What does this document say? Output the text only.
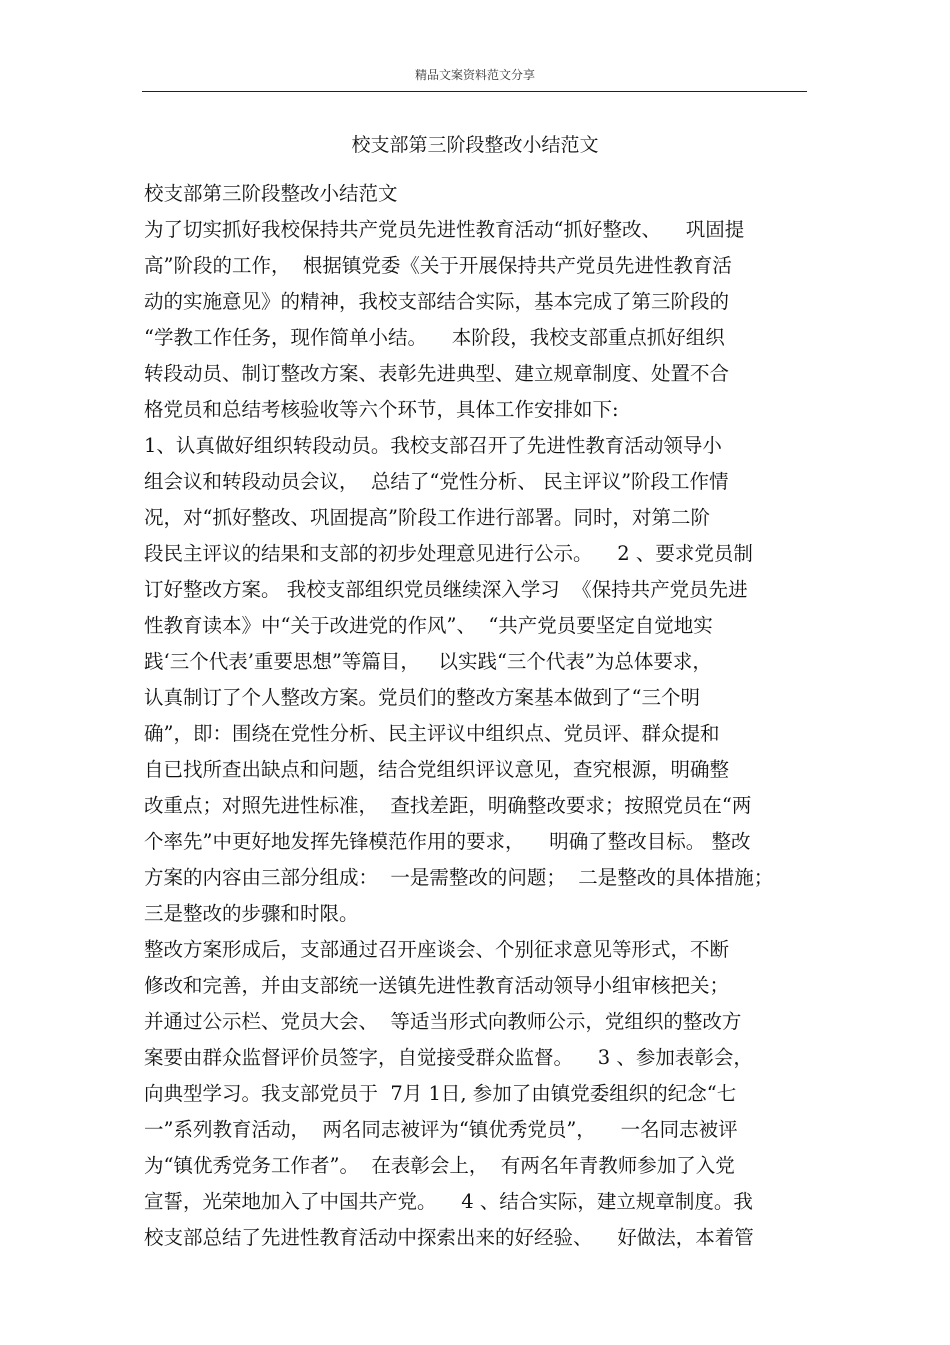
精品文案资料范文分享
校支部第三阶段整改小结范文
校支部第三阶段整改小结范文
为了切实抓好我校保持共产党员先进性教育活动“抓好整改、    巩固提
高”阶段的工作，  根据镇党委《关于开展保持共产党员先进性教育活
动的实施意见》的精神，我校支部结合实际，基本完成了第三阶段的
“学教工作任务，现作简单小结。    本阶段，我校支部重点抓好组织
转段动员、制订整改方案、表彰先进典型、建立规章制度、处置不合
格党员和总结考核验收等六个环节，具体工作安排如下:
1、认真做好组织转段动员。我校支部召开了先进性教育活动领导小
组会议和转段动员会议，  总结了“党性分析、 民主评议”阶段工作情
况，对“抓好整改、巩固提高”阶段工作进行部署。同时，对第二阶
段民主评议的结果和支部的初步处理意见进行公示。    2 、要求党员制
订好整改方案。 我校支部组织党员继续深入学习  《保持共产党员先进
性教育读本》中“关于改进党的作风”、  “共产党员要坚定自觉地实
践‘三个代表’重要思想”等篇目，   以实践“三个代表”为总体要求，
认真制订了个人整改方案。党员们的整改方案基本做到了“三个明
确”，即：围绕在党性分析、民主评议中组织点、党员评、群众提和
自已找所查出缺点和问题，结合党组织评议意见，查究根源，明确整
改重点；对照先进性标准，  查找差距，明确整改要求；按照党员在“两
个率先”中更好地发挥先锋模范作用的要求，    明确了整改目标。 整改
方案的内容由三部分组成：  一是需整改的问题；  二是整改的具体措施；
三是整改的步骤和时限。
整改方案形成后，支部通过召开座谈会、个别征求意见等形式，不断
修改和完善，并由支部统一送镇先进性教育活动领导小组审核把关；
并通过公示栏、党员大会、  等适当形式向教师公示，党组织的整改方
案要由群众监督评价员签字，自觉接受群众监督。    3 、参加表彰会，
向典型学习。我支部党员于  7月 1日, 参加了由镇党委组织的纪念“七
一”系列教育活动，  两名同志被评为“镇优秀党员”，    一名同志被评
为“镇优秀党务工作者”。  在表彰会上，  有两名年青教师参加了入党
宣誓，光荣地加入了中国共产党。    4 、结合实际，建立规章制度。我
校支部总结了先进性教育活动中探索出来的好经验、    好做法，本着管
